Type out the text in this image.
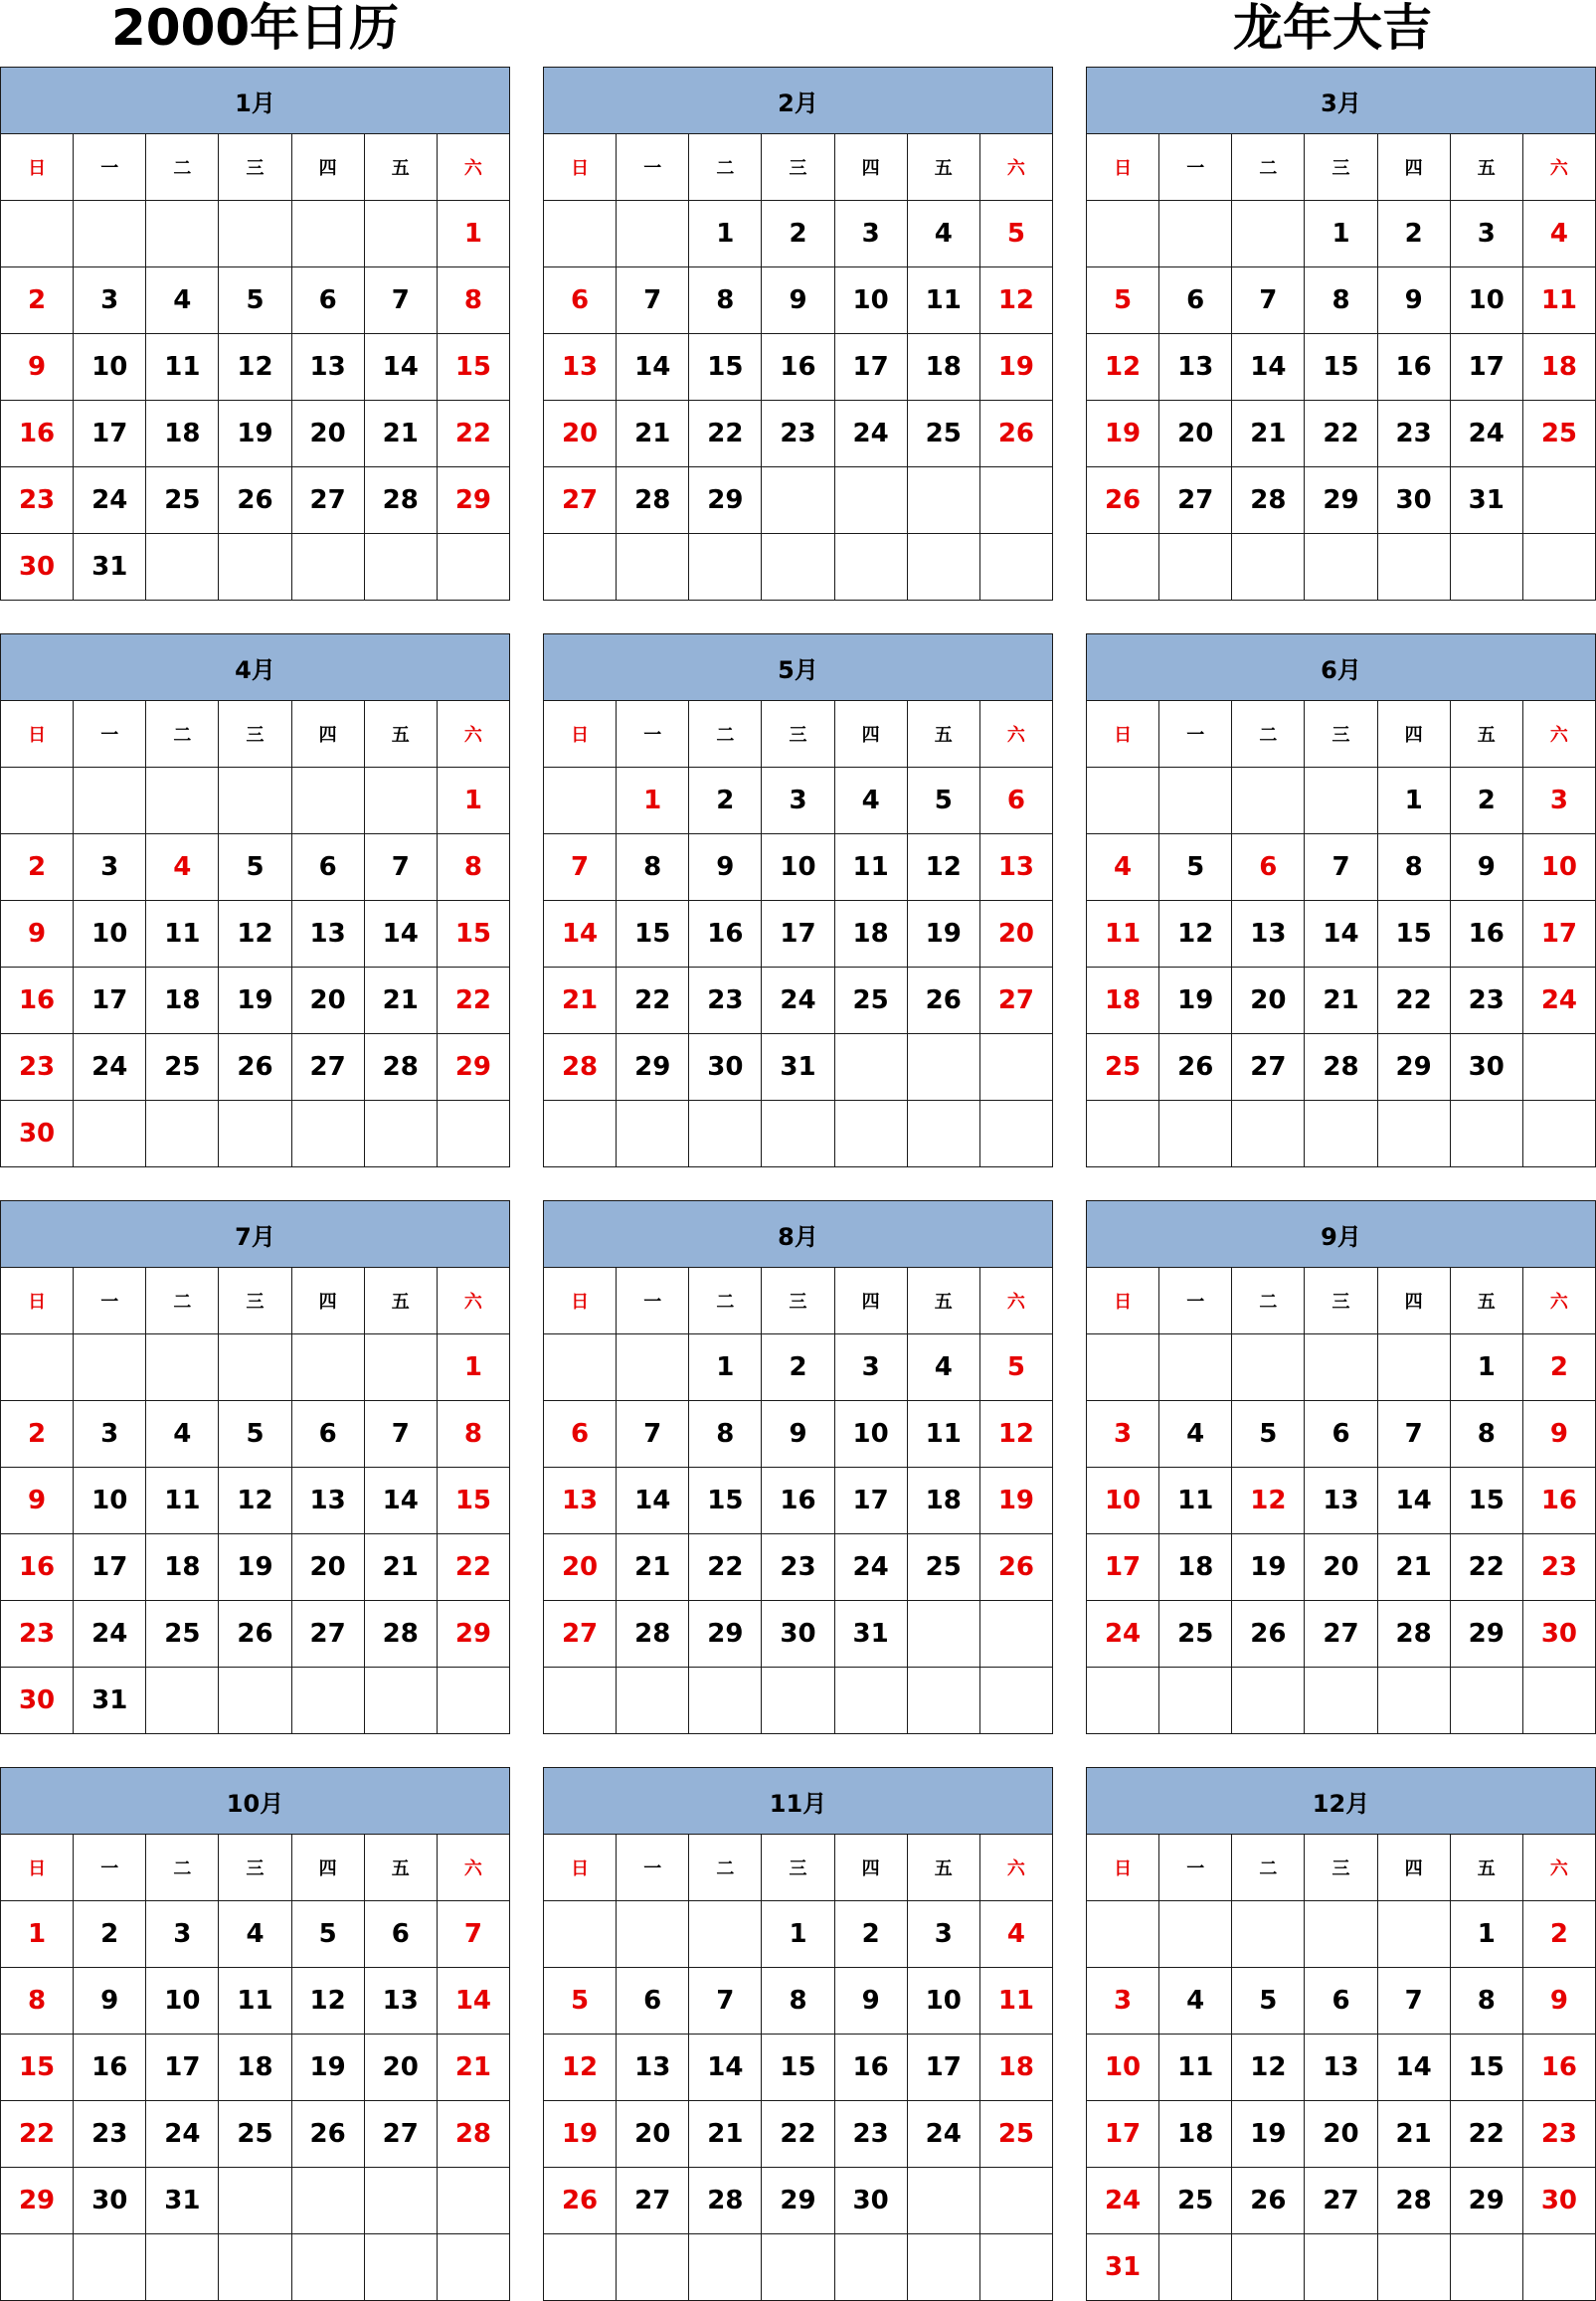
2000年日历	龙年大吉
1月						
日	一	二	三	四	五	六
						1
2	3	4	5	6	7	8
9	10	11	12	13	14	15
16	17	18	19	20	21	22
23	24	25	26	27	28	29
30	31					
2月						
日	一	二	三	四	五	六
		1	2	3	4	5
6	7	8	9	10	11	12
13	14	15	16	17	18	19
20	21	22	23	24	25	26
27	28	29				

3月						
日	一	二	三	四	五	六
			1	2	3	4
5	6	7	8	9	10	11
12	13	14	15	16	17	18
19	20	21	22	23	24	25
26	27	28	29	30	31	

4月						
日	一	二	三	四	五	六
						1
2	3	4	5	6	7	8
9	10	11	12	13	14	15
16	17	18	19	20	21	22
23	24	25	26	27	28	29
30						
5月						
日	一	二	三	四	五	六
	1	2	3	4	5	6
7	8	9	10	11	12	13
14	15	16	17	18	19	20
21	22	23	24	25	26	27
28	29	30	31			

6月						
日	一	二	三	四	五	六
				1	2	3
4	5	6	7	8	9	10
11	12	13	14	15	16	17
18	19	20	21	22	23	24
25	26	27	28	29	30	

7月						
日	一	二	三	四	五	六
						1
2	3	4	5	6	7	8
9	10	11	12	13	14	15
16	17	18	19	20	21	22
23	24	25	26	27	28	29
30	31					
8月						
日	一	二	三	四	五	六
		1	2	3	4	5
6	7	8	9	10	11	12
13	14	15	16	17	18	19
20	21	22	23	24	25	26
27	28	29	30	31		

9月						
日	一	二	三	四	五	六
					1	2
3	4	5	6	7	8	9
10	11	12	13	14	15	16
17	18	19	20	21	22	23
24	25	26	27	28	29	30

10月						
日	一	二	三	四	五	六
1	2	3	4	5	6	7
8	9	10	11	12	13	14
15	16	17	18	19	20	21
22	23	24	25	26	27	28
29	30	31				

11月						
日	一	二	三	四	五	六
			1	2	3	4
5	6	7	8	9	10	11
12	13	14	15	16	17	18
19	20	21	22	23	24	25
26	27	28	29	30		

12月						
日	一	二	三	四	五	六
					1	2
3	4	5	6	7	8	9
10	11	12	13	14	15	16
17	18	19	20	21	22	23
24	25	26	27	28	29	30
31						
